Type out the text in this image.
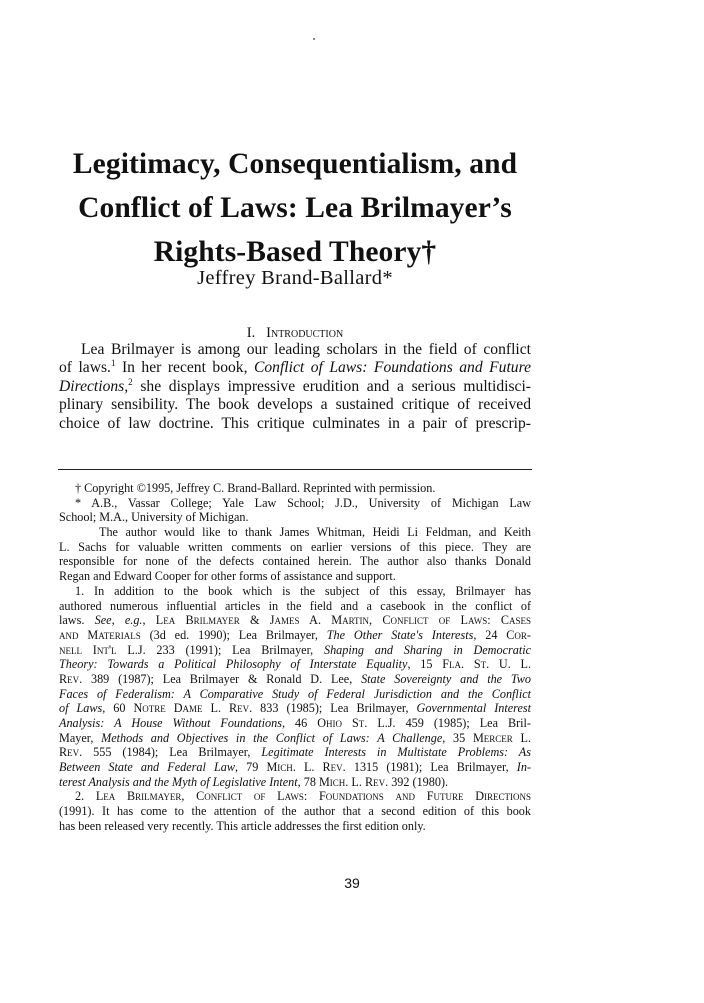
Legitimacy, Consequentialism, and
Conflict of Laws: Lea Brilmayer’s
Rights-Based Theory†
Jeffrey Brand-Ballard*
I. Introduction
Lea Brilmayer is among our leading scholars in the field of conflict
of laws.$^1$ In her recent book, Conflict of Laws: Foundations and Future
Directions,$^2$ she displays impressive erudition and a serious multidisci-
plinary sensibility. The book develops a sustained critique of received
choice of law doctrine. This critique culminates in a pair of prescrip-
† Copyright ©1995, Jeffrey C. Brand-Ballard. Reprinted with permission.
* A.B., Vassar College; Yale Law School; J.D., University of Michigan Law
School; M.A., University of Michigan.
The author would like to thank James Whitman, Heidi Li Feldman, and Keith
L. Sachs for valuable written comments on earlier versions of this piece. They are
responsible for none of the defects contained herein. The author also thanks Donald
Regan and Edward Cooper for other forms of assistance and support.
1. In addition to the book which is the subject of this essay, Brilmayer has
authored numerous influential articles in the field and a casebook in the conflict of
laws. See, e.g., Lea Brilmayer & James A. Martin, Conflict of Laws: Cases
and Materials (3d ed. 1990); Lea Brilmayer, The Other State's Interests, 24 Cor-
nell Int'l L.J. 233 (1991); Lea Brilmayer, Shaping and Sharing in Democratic
Theory: Towards a Political Philosophy of Interstate Equality, 15 Fla. St. U. L.
Rev. 389 (1987); Lea Brilmayer & Ronald D. Lee, State Sovereignty and the Two
Faces of Federalism: A Comparative Study of Federal Jurisdiction and the Conflict
of Laws, 60 Notre Dame L. Rev. 833 (1985); Lea Brilmayer, Governmental Interest
Analysis: A House Without Foundations, 46 Ohio St. L.J. 459 (1985); Lea Bril-
Mayer, Methods and Objectives in the Conflict of Laws: A Challenge, 35 Mercer L.
Rev. 555 (1984); Lea Brilmayer, Legitimate Interests in Multistate Problems: As
Between State and Federal Law, 79 Mich. L. Rev. 1315 (1981); Lea Brilmayer, In-
terest Analysis and the Myth of Legislative Intent, 78 Mich. L. Rev. 392 (1980).
2. Lea Brilmayer, Conflict of Laws: Foundations and Future Directions
(1991). It has come to the attention of the author that a second edition of this book
has been released very recently. This article addresses the first edition only.
39
